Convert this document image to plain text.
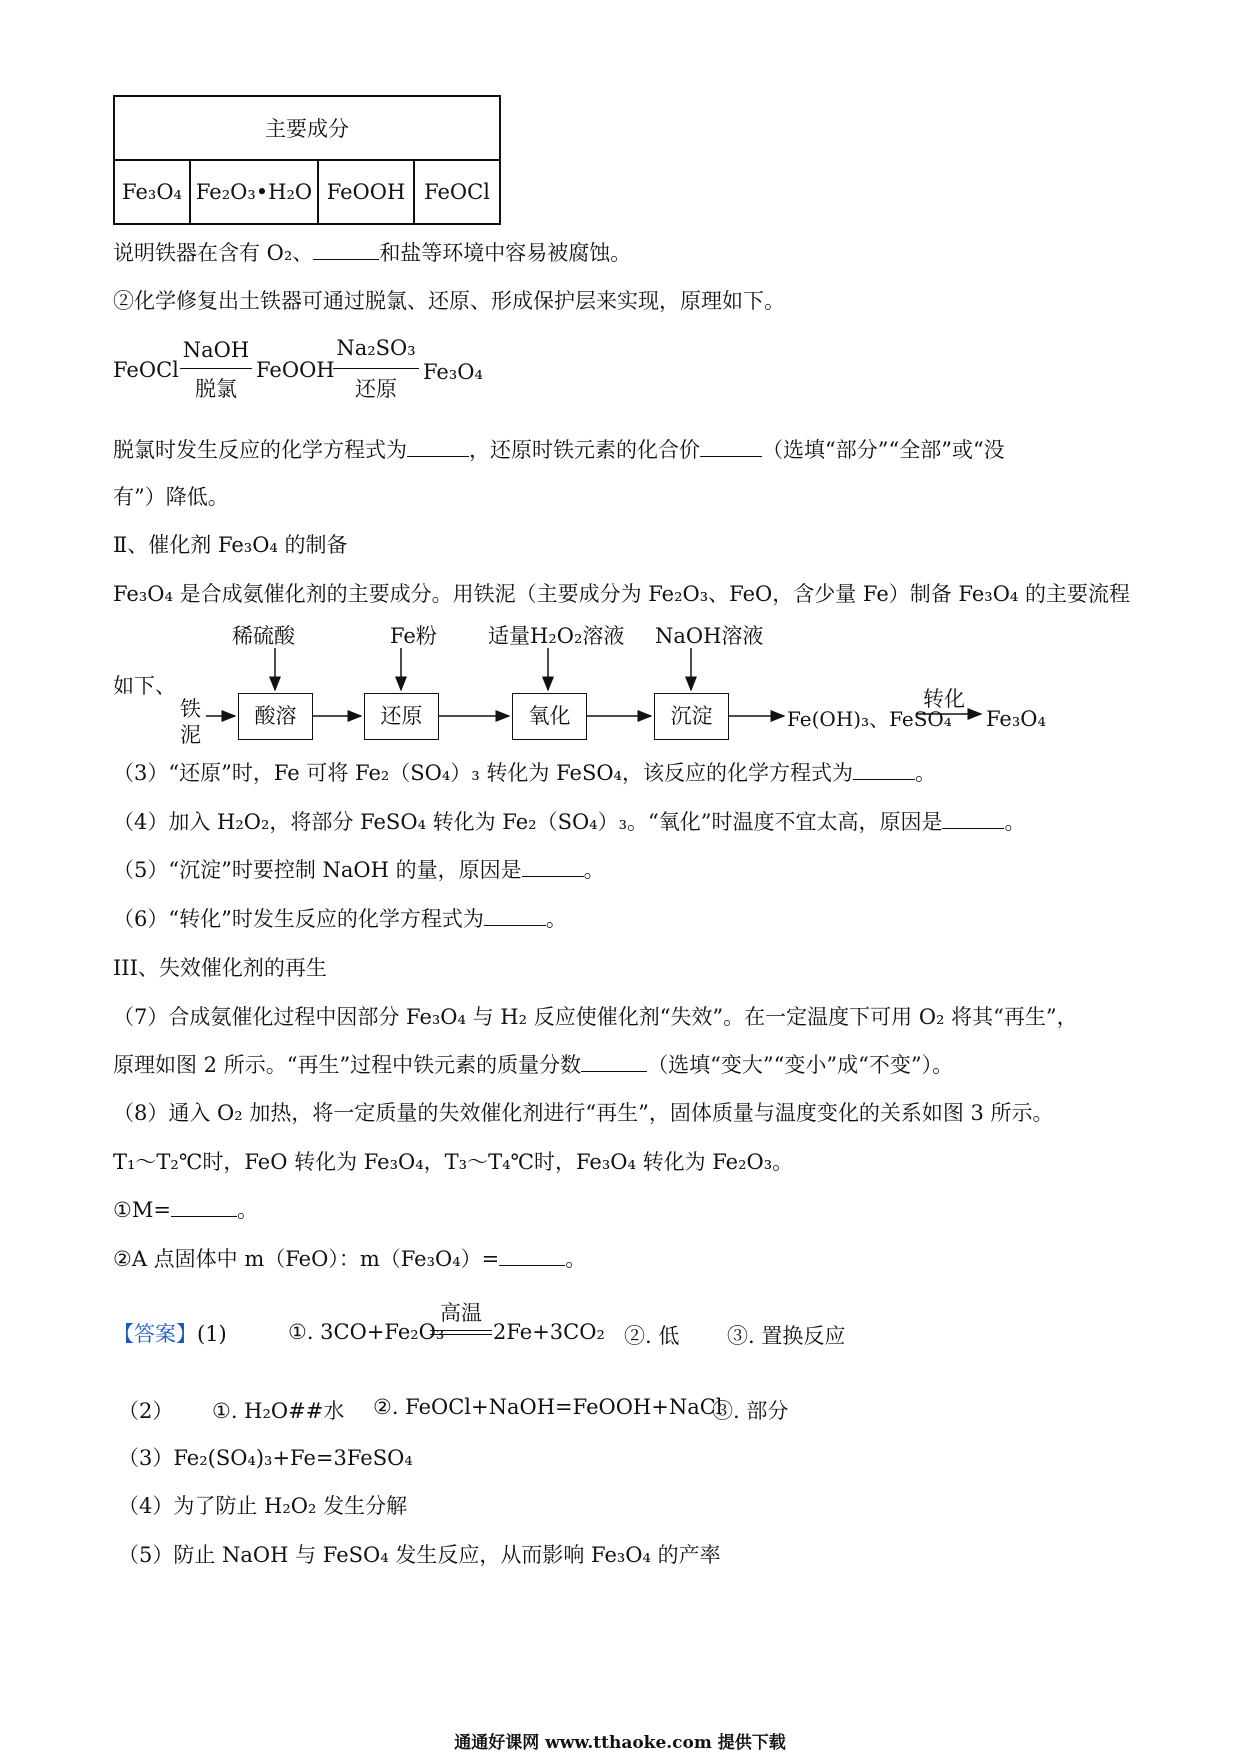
主要成分
Fe₃O₄	Fe₂O₃•H₂O	FeOOH	FeOCl
说明铁器在含有 O₂、	和盐等环境中容易被腐蚀。
②化学修复出土铁器可通过脱氯、还原、形成保护层来实现，原理如下。
FeOCl
NaOH
脱氯
FeOOH
Na₂SO₃
还原
Fe₃O₄
脱氯时发生反应的化学方程式为	，还原时铁元素的化合价	（选填“部分”“全部”或“没
有”）降低。
Ⅱ、催化剂 Fe₃O₄ 的制备
Fe₃O₄ 是合成氨催化剂的主要成分。用铁泥（主要成分为 Fe₂O₃、FeO，含少量 Fe）制备 Fe₃O₄ 的主要流程
如下、
稀硫酸	Fe粉 适量H₂O₂溶液 NaOH溶液
铁
泥
酸溶	还原	氧化	沉淀	Fe(OH)₃、FeSO₄
转化
Fe₃O₄
（3）“还原”时，Fe 可将 Fe₂（SO₄）₃ 转化为 FeSO₄，该反应的化学方程式为	。
（4）加入 H₂O₂，将部分 FeSO₄ 转化为 Fe₂（SO₄）₃。“氧化”时温度不宜太高，原因是	。
（5）“沉淀”时要控制 NaOH 的量，原因是	。
（6）“转化”时发生反应的化学方程式为	。
III、失效催化剂的再生
（7）合成氨催化过程中因部分 Fe₃O₄ 与 H₂ 反应使催化剂“失效”。在一定温度下可用 O₂ 将其“再生”，
原理如图 2 所示。“再生”过程中铁元素的质量分数	（选填“变大”“变小”成“不变”）。
（8）通入 O₂ 加热，将一定质量的失效催化剂进行“再生”，固体质量与温度变化的关系如图 3 所示。
T₁～T₂℃时，FeO 转化为 Fe₃O₄，T₃～T₄℃时，Fe₃O₄ 转化为 Fe₂O₃。
①M=	。
②A 点固体中 m（FeO）：m（Fe₃O₄）=	。
【答案】(1)	①. 3CO+Fe₂O₃
高温
2Fe+3CO₂ ②. 低 ③. 置换反应
（2） ①. H₂O##水 ②. FeOCl+NaOH=FeOOH+NaCl
③. 部分
（3）Fe₂(SO₄)₃+Fe=3FeSO₄
（4）为了防止 H₂O₂ 发生分解
（5）防止 NaOH 与 FeSO₄ 发生反应，从而影响 Fe₃O₄ 的产率
通通好课网 www.tthaoke.com 提供下载
